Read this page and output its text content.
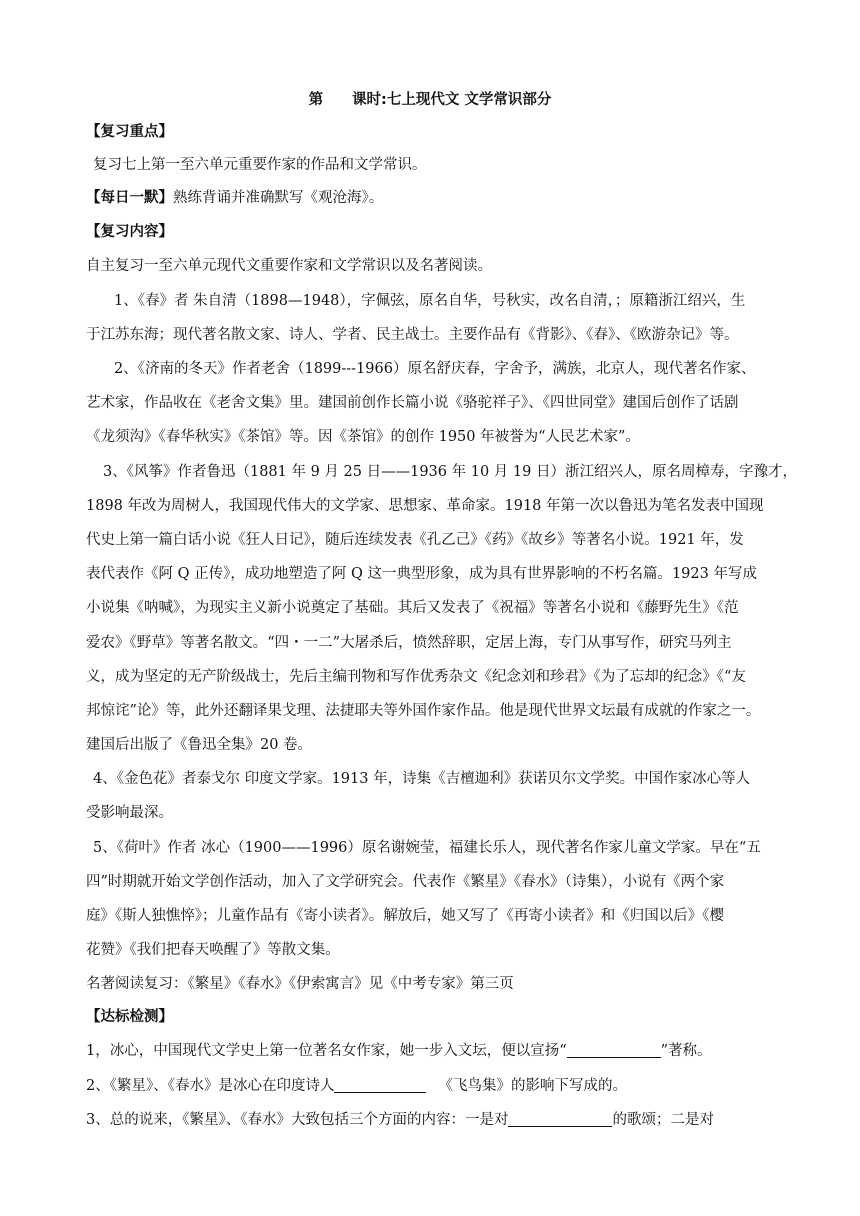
第　　课时:七上现代文 文学常识部分
【复习重点】
复习七上第一至六单元重要作家的作品和文学常识。
【每日一默】熟练背诵并准确默写《观沧海》。
【复习内容】
自主复习一至六单元现代文重要作家和文学常识以及名著阅读。
1、《春》者 朱自清（1898—1948），字佩弦，原名自华，号秋实，改名自清，；原籍浙江绍兴，生
于江苏东海；现代著名散文家、诗人、学者、民主战士。主要作品有《背影》、《春》、《欧游杂记》等。
2、《济南的冬天》作者老舍（1899---1966）原名舒庆春，字舍予，满族，北京人，现代著名作家、
艺术家，作品收在《老舍文集》里。建国前创作长篇小说《骆驼祥子》、《四世同堂》建国后创作了话剧
《龙须沟》《春华秋实》《茶馆》等。因《茶馆》的创作 1950 年被誉为“人民艺术家”。
3、《风筝》作者鲁迅（1881 年 9 月 25 日——1936 年 10 月 19 日）浙江绍兴人，原名周樟寿，字豫才，
1898 年改为周树人，我国现代伟大的文学家、思想家、革命家。1918 年第一次以鲁迅为笔名发表中国现
代史上第一篇白话小说《狂人日记》，随后连续发表《孔乙己》《药》《故乡》等著名小说。1921 年，发
表代表作《阿 Q 正传》，成功地塑造了阿 Q 这一典型形象，成为具有世界影响的不朽名篇。1923 年写成
小说集《呐喊》，为现实主义新小说奠定了基础。其后又发表了《祝福》等著名小说和《藤野先生》《范
爱农》《野草》等著名散文。“四・一二”大屠杀后，愤然辞职，定居上海，专门从事写作，研究马列主
义，成为坚定的无产阶级战士，先后主编刊物和写作优秀杂文《纪念刘和珍君》《为了忘却的纪念》《“友
邦惊诧”论》等，此外还翻译果戈理、法捷耶夫等外国作家作品。他是现代世界文坛最有成就的作家之一。
建国后出版了《鲁迅全集》20 卷。
4、《金色花》者泰戈尔 印度文学家。1913 年，诗集《吉檀迦利》获诺贝尔文学奖。中国作家冰心等人
受影响最深。
5、《荷叶》作者 冰心（1900——1996）原名谢婉莹，福建长乐人，现代著名作家儿童文学家。早在“五
四”时期就开始文学创作活动，加入了文学研究会。代表作《繁星》《春水》（诗集），小说有《两个家
庭》《斯人独憔悴》；儿童作品有《寄小读者》。解放后，她又写了《再寄小读者》和《归国以后》《樱
花赞》《我们把春天唤醒了》等散文集。
名著阅读复习：《繁星》《春水》《伊索寓言》见《中考专家》第三页
【达标检测】
1，冰心，中国现代文学史上第一位著名女作家，她一步入文坛，便以宣扬“	”著称。
2、《繁星》、《春水》是冰心在印度诗人	《飞鸟集》的影响下写成的。
3、总的说来，《繁星》、《春水》大致包括三个方面的内容：一是对	的歌颂；二是对
